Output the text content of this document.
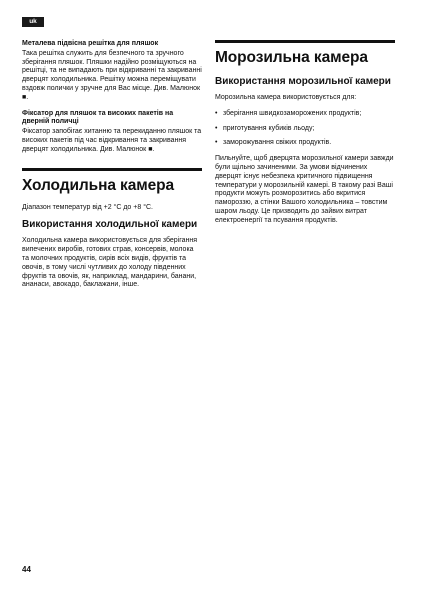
uk

Металева підвісна решітка для пляшок

Така решітка служить для безпечного та зручного зберігання пляшок. Пляшки надійно розміщуються на решітці, та не випадають при відкриванні та закриванні дверцят холодильника. Решітку можна переміщувати вздовж полички у зручне для Вас місце. Див. Малюнок ■.

Фіксатор для пляшок та високих пакетів на дверній поличці

Фіксатор запобігає хитанню та перекиданню пляшок та високих пакетів під час відкривання та закривання дверцят холодильника. Див. Малюнок ■.

Холодильна камера

Діапазон температур від +2 °C до +8 °C.

Використання холодильної камери

Холодильна камера використовується для зберігання випечених виробів, готових страв, консервів, молока та молочних продуктів, сирів всіх видів, фруктів та овочів, в тому числі чутливих до холоду південних фруктів та овочів, як, наприклад, мандарини, банани, ананаси, авокадо, баклажани, інше.

Морозильна камера
Використання морозильної камери

Морозильна камера використовується для:

• зберігання швидкозаморожених продуктів;
• приготування кубиків льоду;
• заморожування свіжих продуктів.

Пильнуйте, щоб дверцята морозильної камери завжди були щільно зачиненими. За умови відчинених дверцят існує небезпека критичного підвищення температури у морозильній камері. В такому разі Ваші продукти можуть розморозитись або вкритися памороззю, а стінки Вашого холодильника – товстим шаром льоду. Це призводить до зайвих витрат електроенергії та псування продуктів.

44
